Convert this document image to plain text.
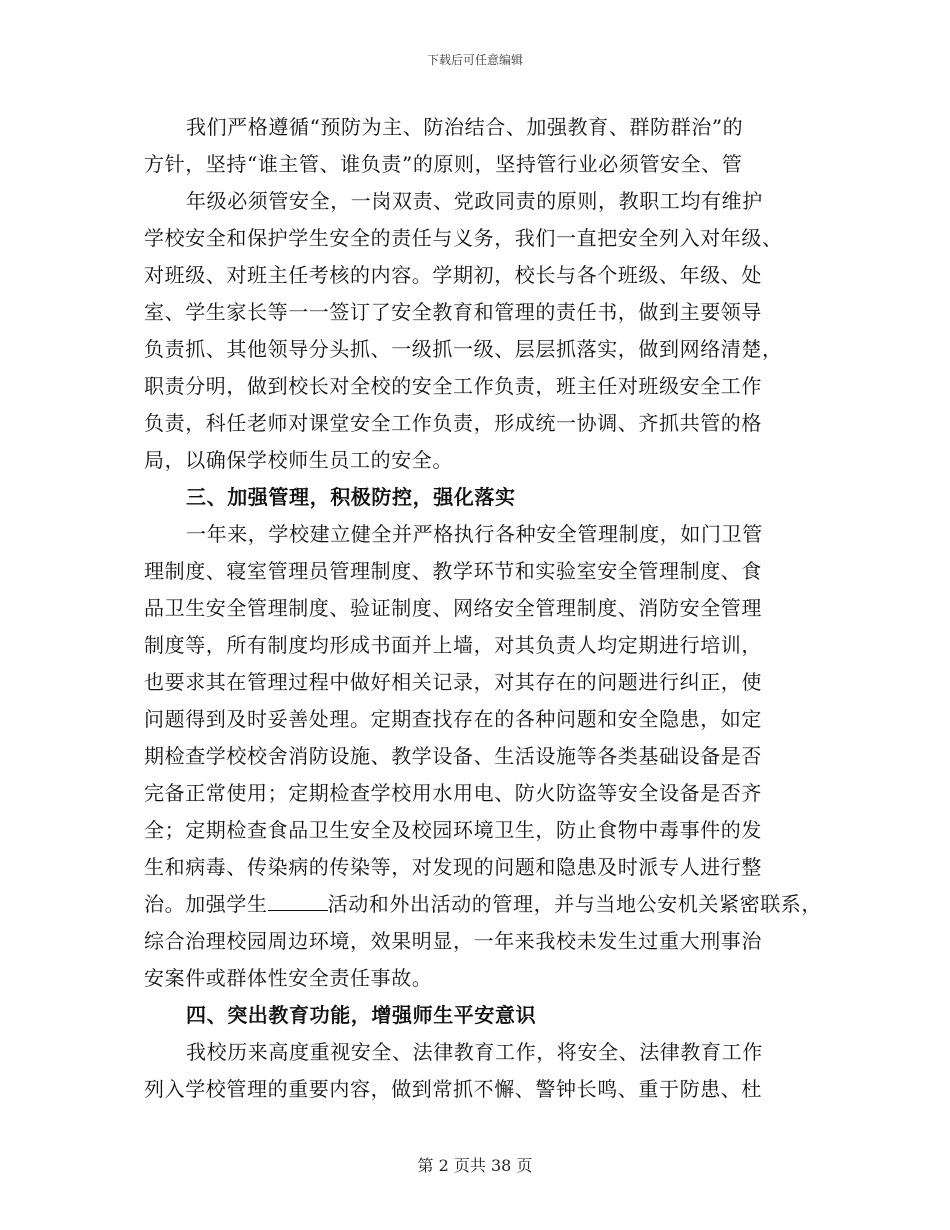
下载后可任意编辑
我们严格遵循“预防为主、防治结合、加强教育、群防群治”的
方针，坚持“谁主管、谁负责”的原则，坚持管行业必须管安全、管
年级必须管安全，一岗双责、党政同责的原则，教职工均有维护
学校安全和保护学生安全的责任与义务，我们一直把安全列入对年级、
对班级、对班主任考核的内容。学期初，校长与各个班级、年级、处
室、学生家长等一一签订了安全教育和管理的责任书，做到主要领导
负责抓、其他领导分头抓、一级抓一级、层层抓落实，做到网络清楚，
职责分明，做到校长对全校的安全工作负责，班主任对班级安全工作
负责，科任老师对课堂安全工作负责，形成统一协调、齐抓共管的格
局，以确保学校师生员工的安全。
三、加强管理，积极防控，强化落实
一年来，学校建立健全并严格执行各种安全管理制度，如门卫管
理制度、寝室管理员管理制度、教学环节和实验室安全管理制度、食
品卫生安全管理制度、验证制度、网络安全管理制度、消防安全管理
制度等，所有制度均形成书面并上墙，对其负责人均定期进行培训，
也要求其在管理过程中做好相关记录，对其存在的问题进行纠正，使
问题得到及时妥善处理。定期查找存在的各种问题和安全隐患，如定
期检查学校校舍消防设施、教学设备、生活设施等各类基础设备是否
完备正常使用；定期检查学校用水用电、防火防盗等安全设备是否齐
全；定期检查食品卫生安全及校园环境卫生，防止食物中毒事件的发
生和病毒、传染病的传染等，对发现的问题和隐患及时派专人进行整
治。加强学生	活动和外出活动的管理，并与当地公安机关紧密联系，
综合治理校园周边环境，效果明显，一年来我校未发生过重大刑事治
安案件或群体性安全责任事故。
四、突出教育功能，增强师生平安意识
我校历来高度重视安全、法律教育工作，将安全、法律教育工作
列入学校管理的重要内容，做到常抓不懈、警钟长鸣、重于防患、杜
第 2 页共 38 页
